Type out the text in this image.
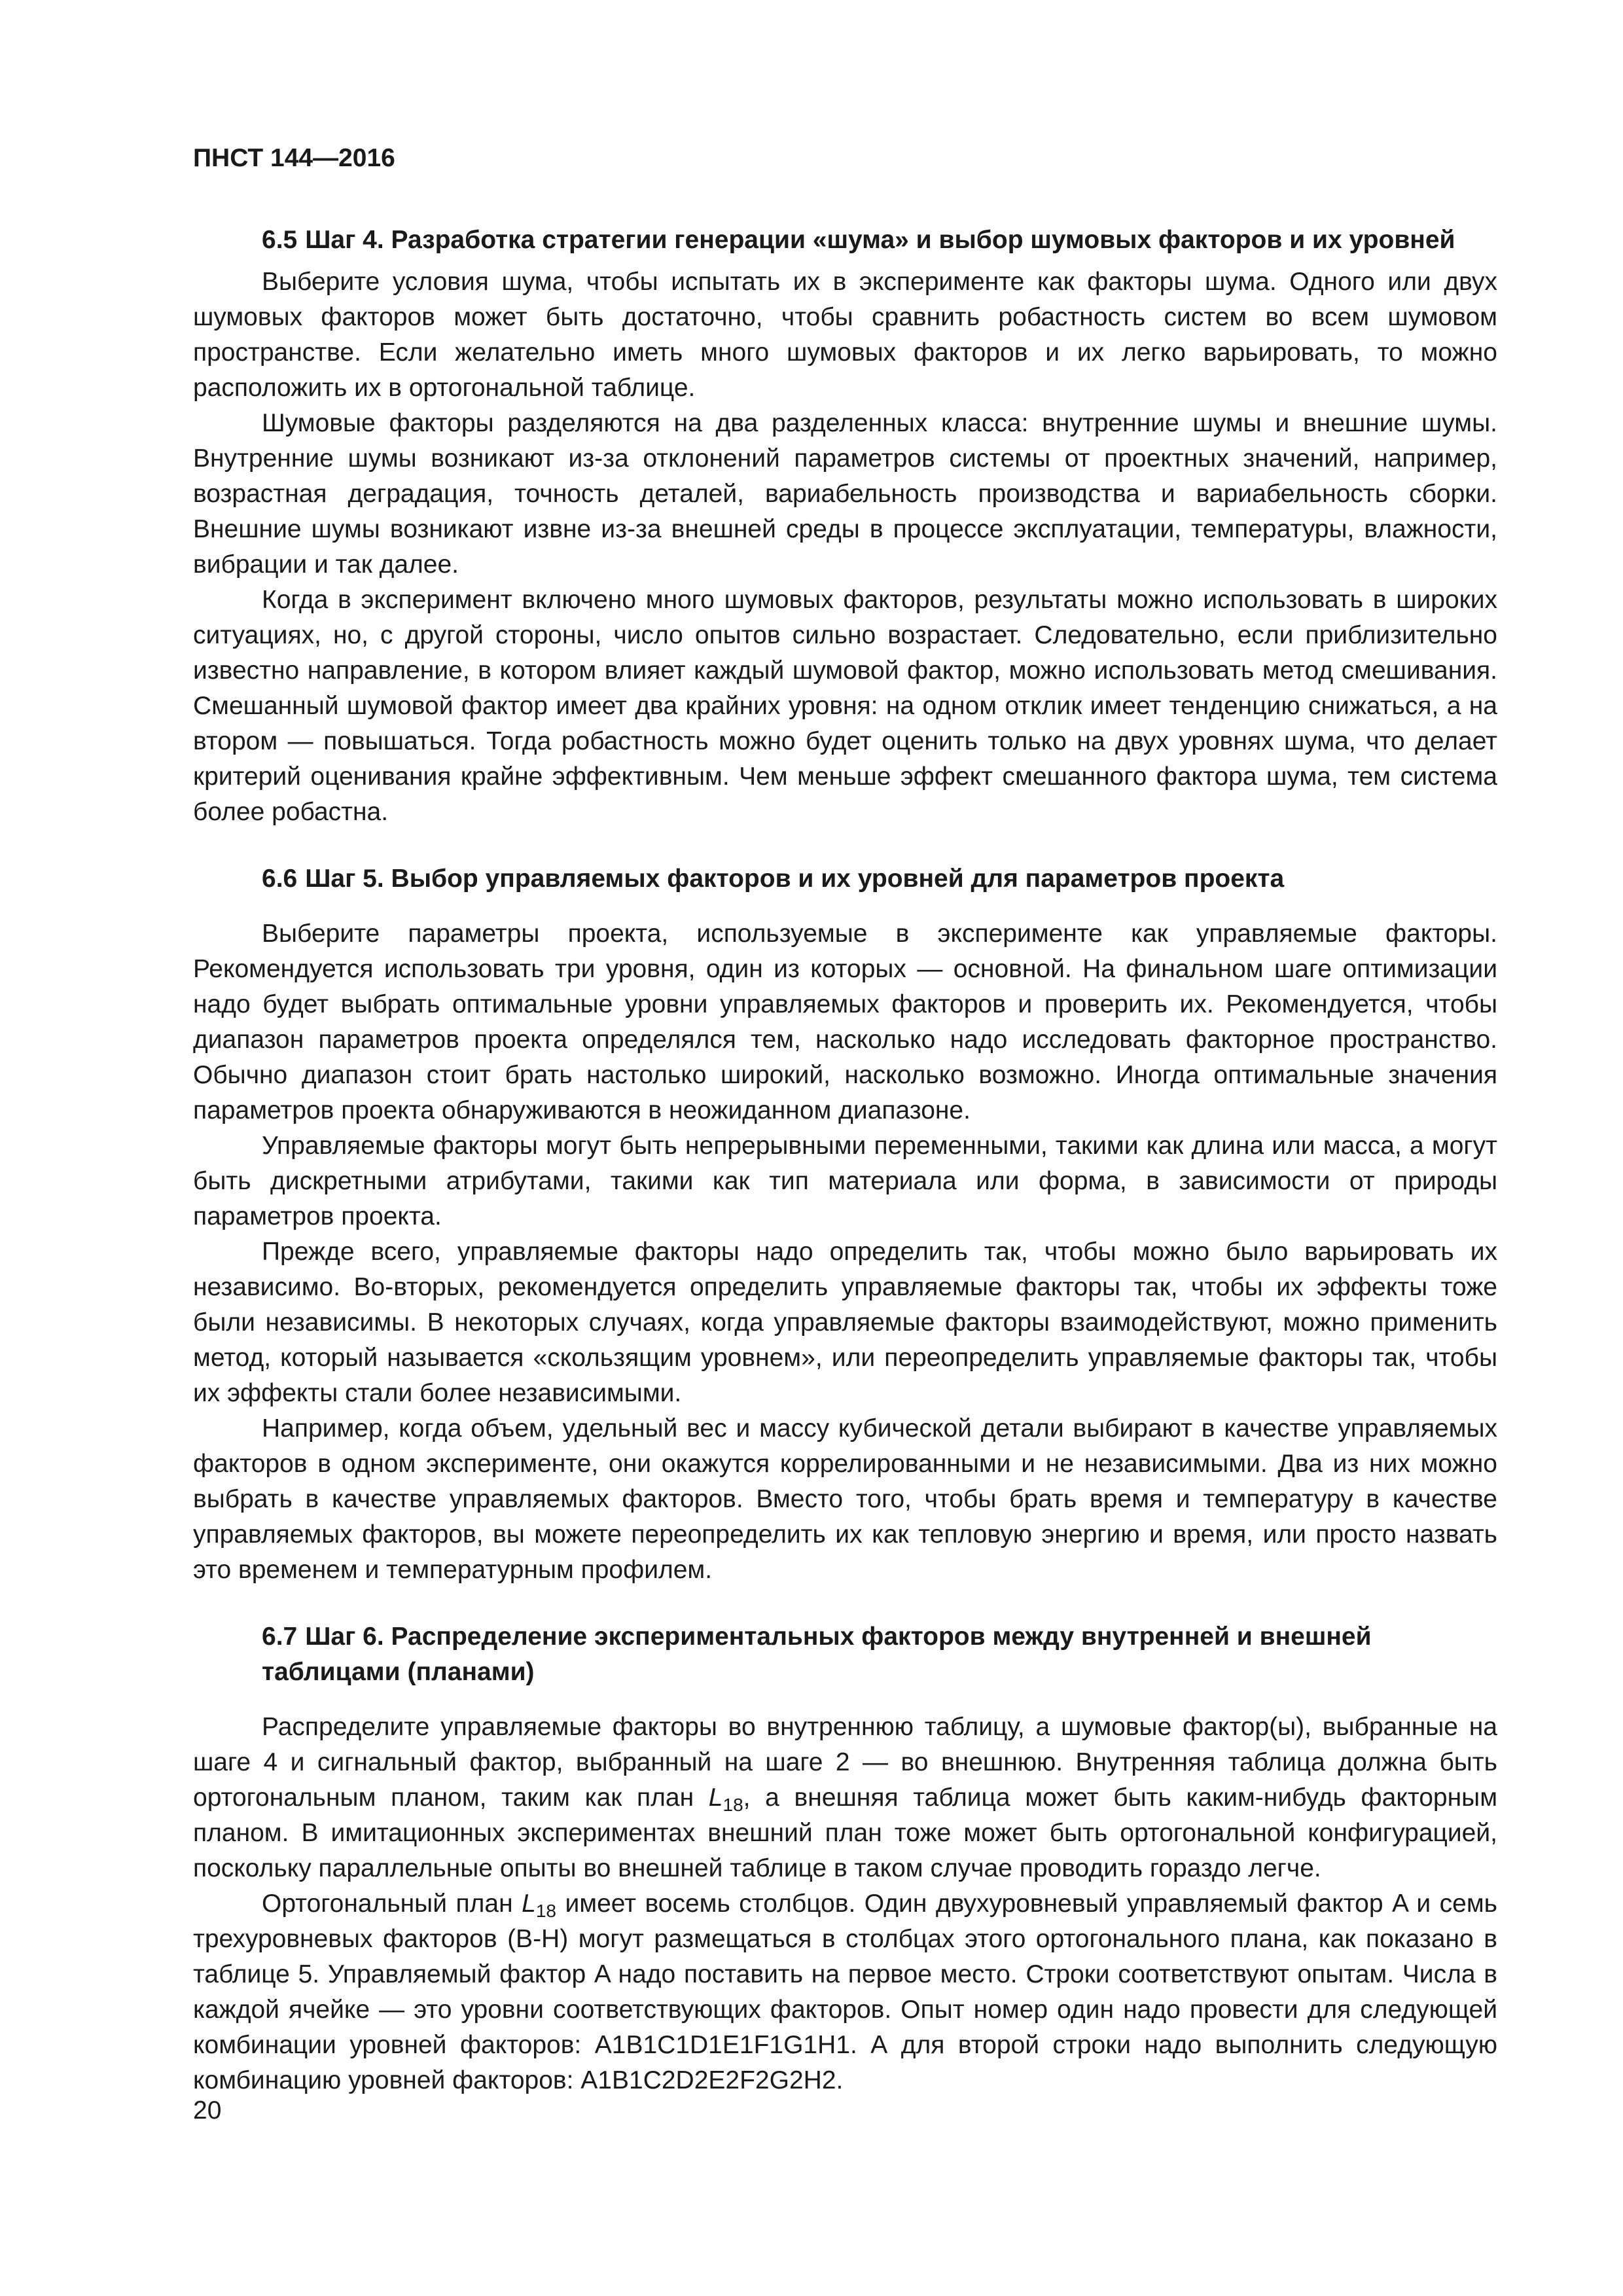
ПНСТ 144—2016

6.5 Шаг 4. Разработка стратегии генерации «шума» и выбор шумовых факторов и их уровней

Выберите условия шума, чтобы испытать их в эксперименте как факторы шума. Одного или двух шумовых факторов может быть достаточно, чтобы сравнить робастность систем во всем шумовом пространстве. Если желательно иметь много шумовых факторов и их легко варьировать, то можно расположить их в ортогональной таблице.

Шумовые факторы разделяются на два разделенных класса: внутренние шумы и внешние шумы. Внутренние шумы возникают из-за отклонений параметров системы от проектных значений, например, возрастная деградация, точность деталей, вариабельность производства и вариабельность сборки. Внешние шумы возникают извне из-за внешней среды в процессе эксплуатации, температуры, влажности, вибрации и так далее.

Когда в эксперимент включено много шумовых факторов, результаты можно использовать в широких ситуациях, но, с другой стороны, число опытов сильно возрастает. Следовательно, если приблизительно известно направление, в котором влияет каждый шумовой фактор, можно использовать метод смешивания. Смешанный шумовой фактор имеет два крайних уровня: на одном отклик имеет тенденцию снижаться, а на втором — повышаться. Тогда робастность можно будет оценить только на двух уровнях шума, что делает критерий оценивания крайне эффективным. Чем меньше эффект смешанного фактора шума, тем система более робастна.

6.6 Шаг 5. Выбор управляемых факторов и их уровней для параметров проекта

Выберите параметры проекта, используемые в эксперименте как управляемые факторы. Рекомендуется использовать три уровня, один из которых — основной. На финальном шаге оптимизации надо будет выбрать оптимальные уровни управляемых факторов и проверить их. Рекомендуется, чтобы диапазон параметров проекта определялся тем, насколько надо исследовать факторное пространство. Обычно диапазон стоит брать настолько широкий, насколько возможно. Иногда оптимальные значения параметров проекта обнаруживаются в неожиданном диапазоне.

Управляемые факторы могут быть непрерывными переменными, такими как длина или масса, а могут быть дискретными атрибутами, такими как тип материала или форма, в зависимости от природы параметров проекта.

Прежде всего, управляемые факторы надо определить так, чтобы можно было варьировать их независимо. Во-вторых, рекомендуется определить управляемые факторы так, чтобы их эффекты тоже были независимы. В некоторых случаях, когда управляемые факторы взаимодействуют, можно применить метод, который называется «скользящим уровнем», или переопределить управляемые факторы так, чтобы их эффекты стали более независимыми.

Например, когда объем, удельный вес и массу кубической детали выбирают в качестве управляемых факторов в одном эксперименте, они окажутся коррелированными и не независимыми. Два из них можно выбрать в качестве управляемых факторов. Вместо того, чтобы брать время и температуру в качестве управляемых факторов, вы можете переопределить их как тепловую энергию и время, или просто назвать это временем и температурным профилем.

6.7 Шаг 6. Распределение экспериментальных факторов между внутренней и внешней таблицами (планами)

Распределите управляемые факторы во внутреннюю таблицу, а шумовые фактор(ы), выбранные на шаге 4 и сигнальный фактор, выбранный на шаге 2 — во внешнюю. Внутренняя таблица должна быть ортогональным планом, таким как план $L_{18}$, а внешняя таблица может быть каким-нибудь факторным планом. В имитационных экспериментах внешний план тоже может быть ортогональной конфигурацией, поскольку параллельные опыты во внешней таблице в таком случае проводить гораздо легче.

Ортогональный план $L_{18}$ имеет восемь столбцов. Один двухуровневый управляемый фактор A и семь трехуровневых факторов (B-H) могут размещаться в столбцах этого ортогонального плана, как показано в таблице 5. Управляемый фактор A надо поставить на первое место. Строки соответствуют опытам. Числа в каждой ячейке — это уровни соответствующих факторов. Опыт номер один надо провести для следующей комбинации уровней факторов: A1B1C1D1E1F1G1H1. А для второй строки надо выполнить следующую комбинацию уровней факторов: A1B1C2D2E2F2G2H2.

20
